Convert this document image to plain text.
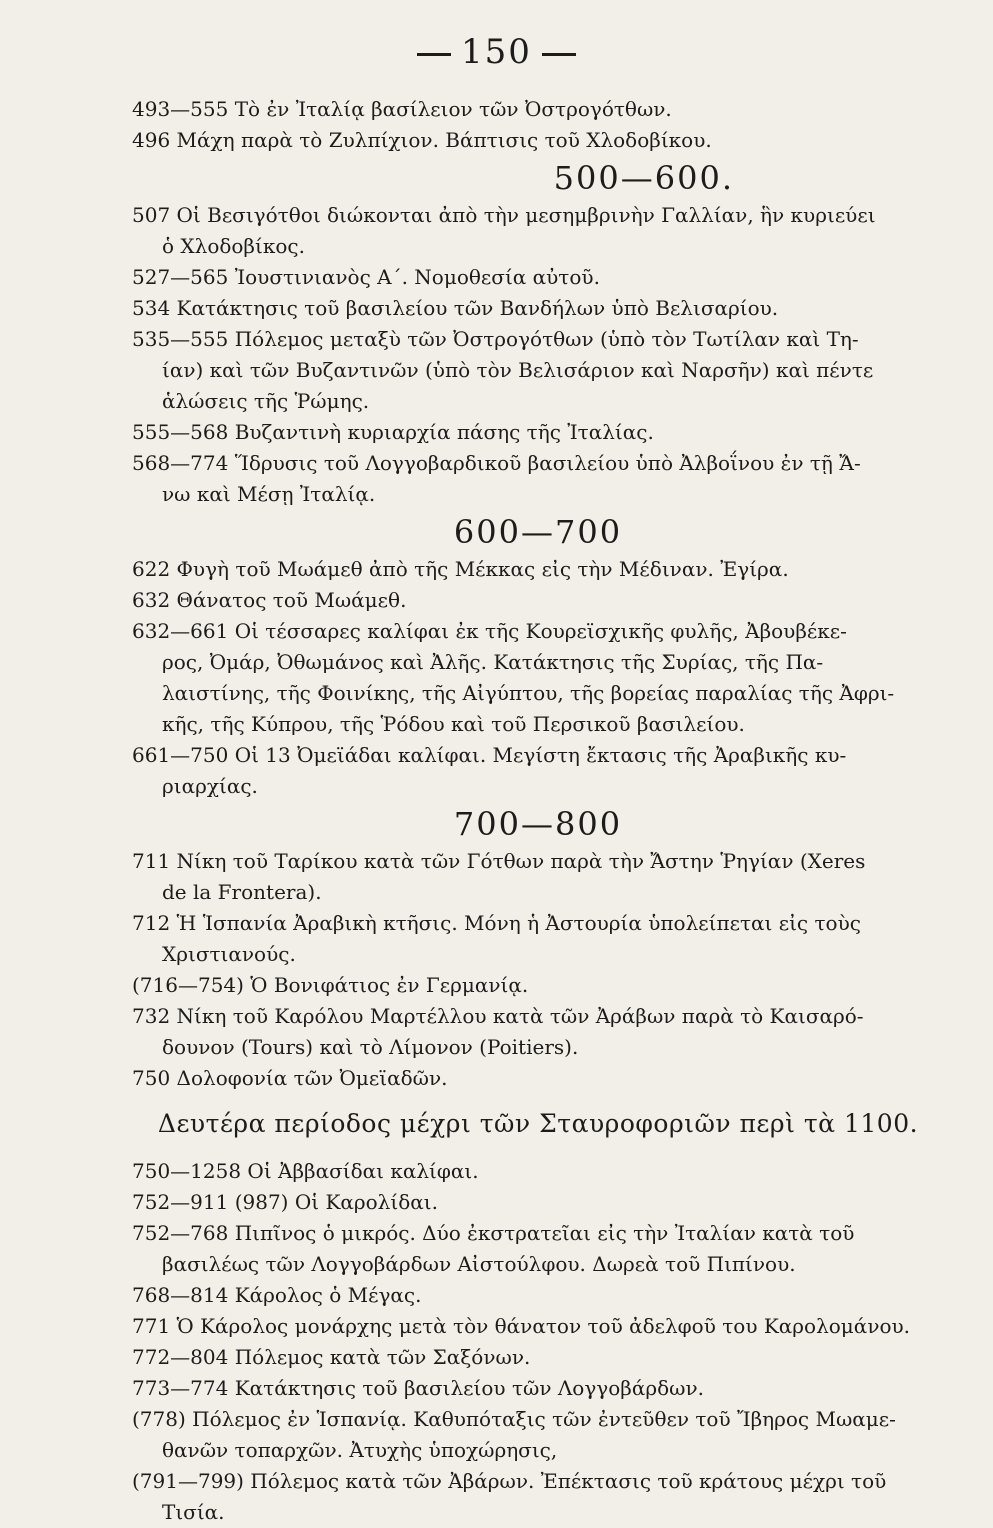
150

493—555 Τὸ ἐν Ἰταλίᾳ βασίλειον τῶν Ὀστρογότθων.

496 Μάχη παρὰ τὸ Ζυλπίχιον. Βάπτισις τοῦ Χλοδοβίκου.

500—600.

507 Οἱ Βεσιγότθοι διώκονται ἀπὸ τὴν μεσημβρινὴν Γαλλίαν, ἣν κυριεύει
ὁ Χλοδοβίκος.

527—565 Ἰουστινιανὸς Α΄. Νομοθεσία αὐτοῦ.

534 Κατάκτησις τοῦ βασιλείου τῶν Βανδήλων ὑπὸ Βελισαρίου.

535—555 Πόλεμος μεταξὺ τῶν Ὀστρογότθων (ὑπὸ τὸν Τωτίλαν καὶ Τη-
ίαν) καὶ τῶν Βυζαντινῶν (ὑπὸ τὸν Βελισάριον καὶ Ναρσῆν) καὶ πέντε
ἁλώσεις τῆς Ῥώμης.

555—568 Βυζαντινὴ κυριαρχία πάσης τῆς Ἰταλίας.

568—774 Ἵδρυσις τοῦ Λογγοβαρδικοῦ βασιλείου ὑπὸ Ἀλβοΐνου ἐν τῇ Ἄ-
νω καὶ Μέσῃ Ἰταλίᾳ.

600—700

622 Φυγὴ τοῦ Μωάμεθ ἀπὸ τῆς Μέκκας εἰς τὴν Μέδιναν. Ἐγίρα.

632 Θάνατος τοῦ Μωάμεθ.

632—661 Οἱ τέσσαρες καλίφαι ἐκ τῆς Κουρεϊσχικῆς φυλῆς, Ἀβουβέκε-
ρος, Ὀμάρ, Ὀθωμάνος καὶ Ἀλῆς. Κατάκτησις τῆς Συρίας, τῆς Πα-
λαιστίνης, τῆς Φοινίκης, τῆς Αἰγύπτου, τῆς βορείας παραλίας τῆς Ἀφρι-
κῆς, τῆς Κύπρου, τῆς Ῥόδου καὶ τοῦ Περσικοῦ βασιλείου.

661—750 Οἱ 13 Ὀμεϊάδαι καλίφαι. Μεγίστη ἔκτασις τῆς Ἀραβικῆς κυ-
ριαρχίας.

700—800

711 Νίκη τοῦ Ταρίκου κατὰ τῶν Γότθων παρὰ τὴν Ἄστην Ῥηγίαν (Xeres
de la Frontera).

712 Ἡ Ἱσπανία Ἀραβικὴ κτῆσις. Μόνη ἡ Ἀστουρία ὑπολείπεται εἰς τοὺς
Χριστιανούς.

(716—754) Ὁ Βονιφάτιος ἐν Γερμανίᾳ.

732 Νίκη τοῦ Καρόλου Μαρτέλλου κατὰ τῶν Ἀράβων παρὰ τὸ Καισαρό-
δουνον (Tours) καὶ τὸ Λίμονον (Poitiers).

750 Δολοφονία τῶν Ὀμεϊαδῶν.

Δευτέρα περίοδος μέχρι τῶν Σταυροφοριῶν περὶ τὰ 1100.

750—1258 Οἱ Ἀββασίδαι καλίφαι.

752—911 (987) Οἱ Καρολίδαι.

752—768 Πιπῖνος ὁ μικρός. Δύο ἐκστρατεῖαι εἰς τὴν Ἰταλίαν κατὰ τοῦ
βασιλέως τῶν Λογγοβάρδων Αἰστούλφου. Δωρεὰ τοῦ Πιπίνου.

768—814 Κάρολος ὁ Μέγας.

771 Ὁ Κάρολος μονάρχης μετὰ τὸν θάνατον τοῦ ἀδελφοῦ του Καρολομάνου.

772—804 Πόλεμος κατὰ τῶν Σαξόνων.

773—774 Κατάκτησις τοῦ βασιλείου τῶν Λογγοβάρδων.

(778) Πόλεμος ἐν Ἱσπανίᾳ. Καθυπόταξις τῶν ἐντεῦθεν τοῦ Ἴβηρος Μωαμε-
θανῶν τοπαρχῶν. Ἀτυχὴς ὑποχώρησις,

(791—799) Πόλεμος κατὰ τῶν Ἀβάρων. Ἐπέκτασις τοῦ κράτους μέχρι τοῦ
Τισία.
